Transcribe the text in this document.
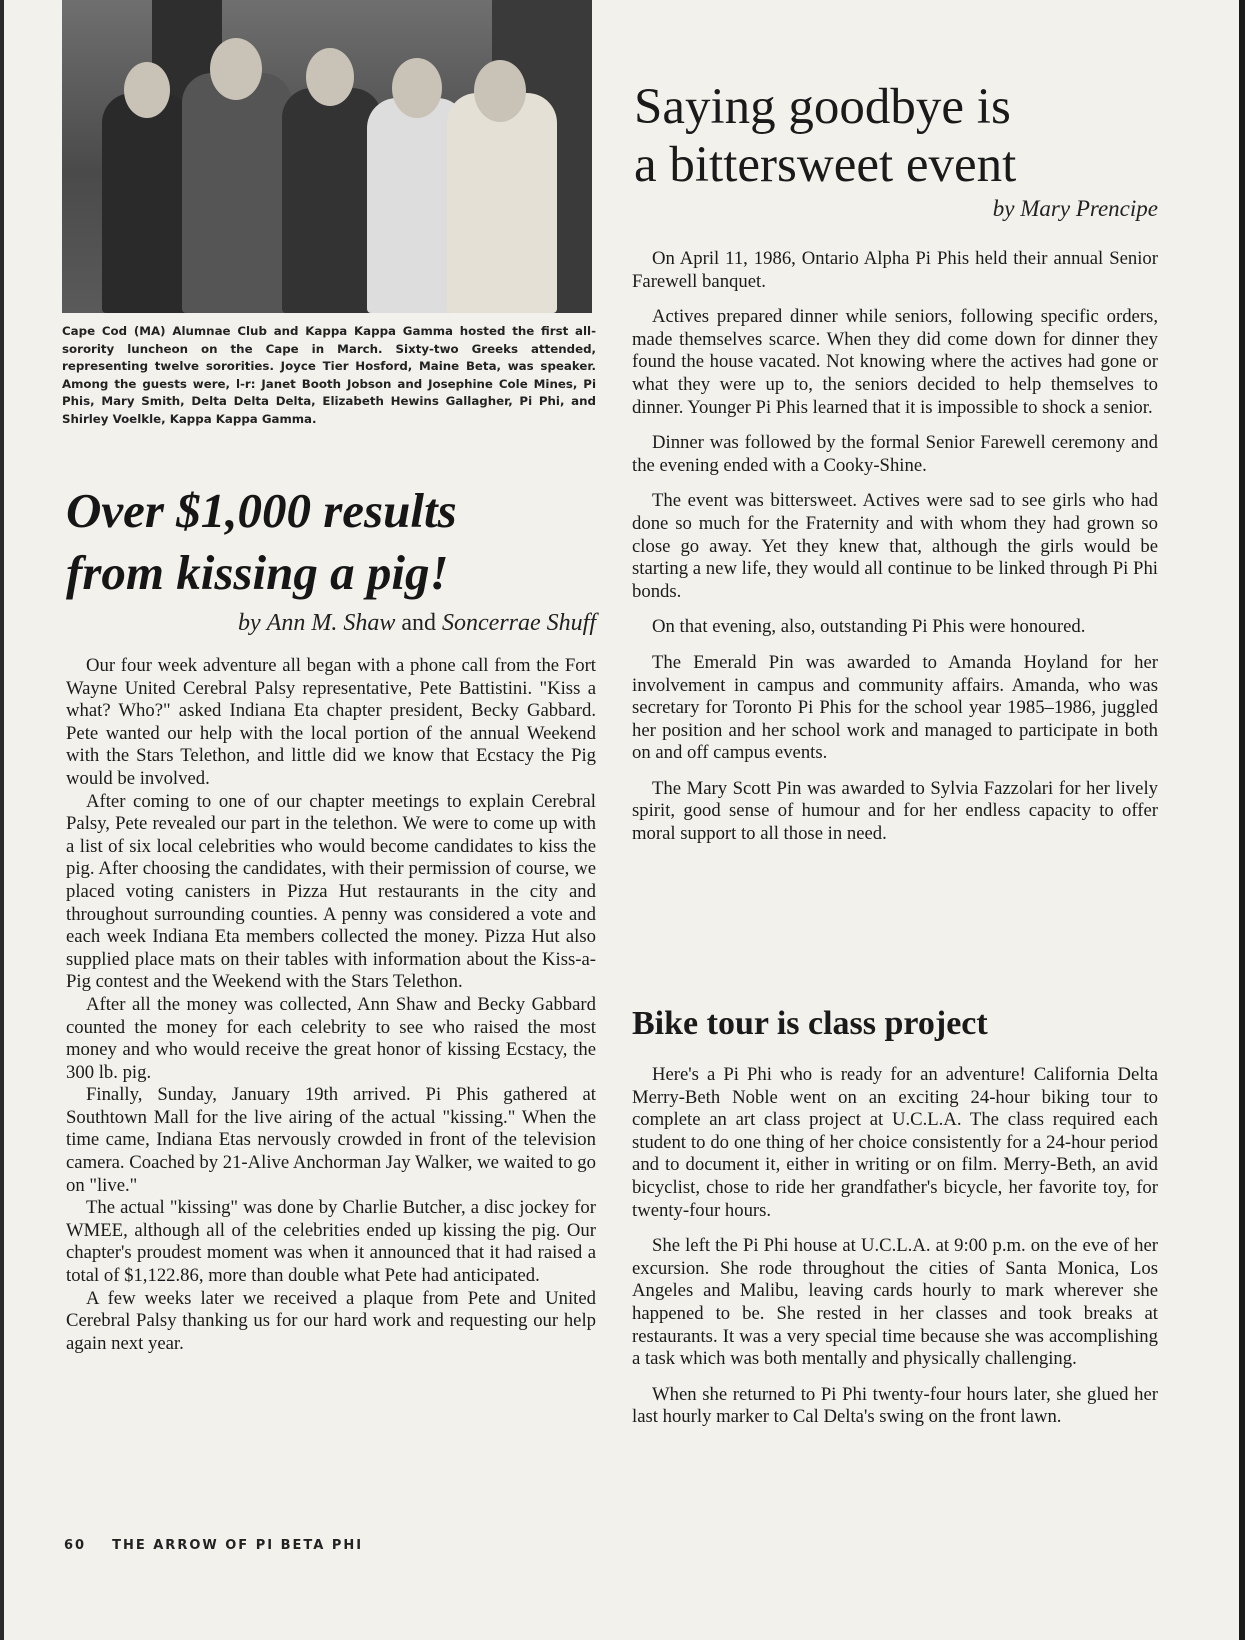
Cape Cod (MA) Alumnae Club and Kappa Kappa Gamma hosted the first all-sorority luncheon on the Cape in March. Sixty-two Greeks attended, representing twelve sororities. Joyce Tier Hosford, Maine Beta, was speaker. Among the guests were, l-r: Janet Booth Jobson and Josephine Cole Mines, Pi Phis, Mary Smith, Delta Delta Delta, Elizabeth Hewins Gallagher, Pi Phi, and Shirley Voelkle, Kappa Kappa Gamma.
Over $1,000 results
from kissing a pig!
by Ann M. Shaw and Soncerrae Shuff

Our four week adventure all began with a phone call from the Fort Wayne United Cerebral Palsy representative, Pete Battistini. "Kiss a what? Who?" asked Indiana Eta chapter president, Becky Gabbard. Pete wanted our help with the local portion of the annual Weekend with the Stars Telethon, and little did we know that Ecstacy the Pig would be involved.

After coming to one of our chapter meetings to explain Cerebral Palsy, Pete revealed our part in the telethon. We were to come up with a list of six local celebrities who would become candidates to kiss the pig. After choosing the candidates, with their permission of course, we placed voting canisters in Pizza Hut restaurants in the city and throughout surrounding counties. A penny was considered a vote and each week Indiana Eta members collected the money. Pizza Hut also supplied place mats on their tables with information about the Kiss-a-Pig contest and the Weekend with the Stars Telethon.

After all the money was collected, Ann Shaw and Becky Gabbard counted the money for each celebrity to see who raised the most money and who would receive the great honor of kissing Ecstacy, the 300 lb. pig.

Finally, Sunday, January 19th arrived. Pi Phis gathered at Southtown Mall for the live airing of the actual "kissing." When the time came, Indiana Etas nervously crowded in front of the television camera. Coached by 21-Alive Anchorman Jay Walker, we waited to go on "live."

The actual "kissing" was done by Charlie Butcher, a disc jockey for WMEE, although all of the celebrities ended up kissing the pig. Our chapter's proudest moment was when it announced that it had raised a total of $1,122.86, more than double what Pete had anticipated.

A few weeks later we received a plaque from Pete and United Cerebral Palsy thanking us for our hard work and requesting our help again next year.

Saying goodbye is
a bittersweet event
by Mary Prencipe

On April 11, 1986, Ontario Alpha Pi Phis held their annual Senior Farewell banquet.

Actives prepared dinner while seniors, following specific orders, made themselves scarce. When they did come down for dinner they found the house vacated. Not knowing where the actives had gone or what they were up to, the seniors decided to help themselves to dinner. Younger Pi Phis learned that it is impossible to shock a senior.

Dinner was followed by the formal Senior Farewell ceremony and the evening ended with a Cooky-Shine.

The event was bittersweet. Actives were sad to see girls who had done so much for the Fraternity and with whom they had grown so close go away. Yet they knew that, although the girls would be starting a new life, they would all continue to be linked through Pi Phi bonds.

On that evening, also, outstanding Pi Phis were honoured.

The Emerald Pin was awarded to Amanda Hoyland for her involvement in campus and community affairs. Amanda, who was secretary for Toronto Pi Phis for the school year 1985–1986, juggled her position and her school work and managed to participate in both on and off campus events.

The Mary Scott Pin was awarded to Sylvia Fazzolari for her lively spirit, good sense of humour and for her endless capacity to offer moral support to all those in need.

Bike tour is class project

Here's a Pi Phi who is ready for an adventure! California Delta Merry-Beth Noble went on an exciting 24-hour biking tour to complete an art class project at U.C.L.A. The class required each student to do one thing of her choice consistently for a 24-hour period and to document it, either in writing or on film. Merry-Beth, an avid bicyclist, chose to ride her grandfather's bicycle, her favorite toy, for twenty-four hours.

She left the Pi Phi house at U.C.L.A. at 9:00 p.m. on the eve of her excursion. She rode throughout the cities of Santa Monica, Los Angeles and Malibu, leaving cards hourly to mark wherever she happened to be. She rested in her classes and took breaks at restaurants. It was a very special time because she was accomplishing a task which was both mentally and physically challenging.

When she returned to Pi Phi twenty-four hours later, she glued her last hourly marker to Cal Delta's swing on the front lawn.

60 THE ARROW OF PI BETA PHI
